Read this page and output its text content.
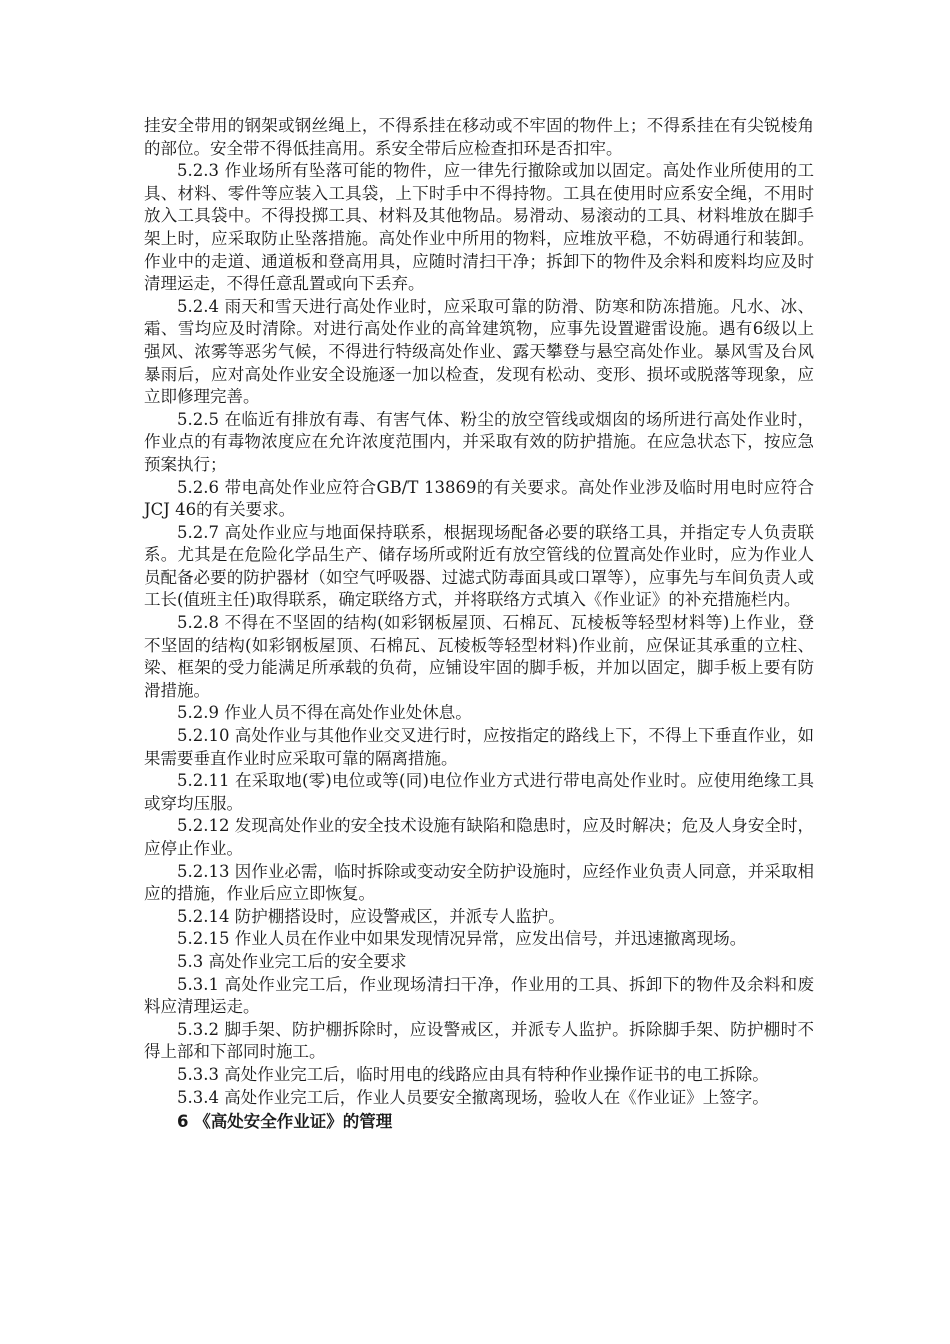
挂安全带用的钢架或钢丝绳上，不得系挂在移动或不牢固的物件上；不得系挂在有尖锐棱角的部位。安全带不得低挂高用。系安全带后应检查扣环是否扣牢。

5.2.3 作业场所有坠落可能的物件，应一律先行撤除或加以固定。高处作业所使用的工具、材料、零件等应装入工具袋，上下时手中不得持物。工具在使用时应系安全绳，不用时放入工具袋中。不得投掷工具、材料及其他物品。易滑动、易滚动的工具、材料堆放在脚手架上时，应采取防止坠落措施。高处作业中所用的物料，应堆放平稳，不妨碍通行和装卸。作业中的走道、通道板和登高用具，应随时清扫干净；拆卸下的物件及余料和废料均应及时清理运走，不得任意乱置或向下丢弃。

5.2.4 雨天和雪天进行高处作业时，应采取可靠的防滑、防寒和防冻措施。凡水、冰、霜、雪均应及时清除。对进行高处作业的高耸建筑物，应事先设置避雷设施。遇有6级以上强风、浓雾等恶劣气候，不得进行特级高处作业、露天攀登与悬空高处作业。暴风雪及台风暴雨后，应对高处作业安全设施逐一加以检查，发现有松动、变形、损坏或脱落等现象，应立即修理完善。

5.2.5 在临近有排放有毒、有害气体、粉尘的放空管线或烟囱的场所进行高处作业时，作业点的有毒物浓度应在允许浓度范围内，并采取有效的防护措施。在应急状态下，按应急预案执行；

5.2.6 带电高处作业应符合GB/T 13869的有关要求。高处作业涉及临时用电时应符合JCJ 46的有关要求。

5.2.7 高处作业应与地面保持联系，根据现场配备必要的联络工具，并指定专人负责联系。尤其是在危险化学品生产、储存场所或附近有放空管线的位置高处作业时，应为作业人员配备必要的防护器材（如空气呼吸器、过滤式防毒面具或口罩等），应事先与车间负责人或工长(值班主任)取得联系，确定联络方式，并将联络方式填入《作业证》的补充措施栏内。

5.2.8 不得在不坚固的结构(如彩钢板屋顶、石棉瓦、瓦棱板等轻型材料等)上作业，登不坚固的结构(如彩钢板屋顶、石棉瓦、瓦棱板等轻型材料)作业前，应保证其承重的立柱、梁、框架的受力能满足所承载的负荷，应铺设牢固的脚手板，并加以固定，脚手板上要有防滑措施。

5.2.9 作业人员不得在高处作业处休息。

5.2.10 高处作业与其他作业交叉进行时，应按指定的路线上下，不得上下垂直作业，如果需要垂直作业时应采取可靠的隔离措施。

5.2.11 在采取地(零)电位或等(同)电位作业方式进行带电高处作业时。应使用绝缘工具或穿均压服。

5.2.12 发现高处作业的安全技术设施有缺陷和隐患时，应及时解决；危及人身安全时，应停止作业。

5.2.13 因作业必需，临时拆除或变动安全防护设施时，应经作业负责人同意，并采取相应的措施，作业后应立即恢复。

5.2.14 防护棚搭设时，应设警戒区，并派专人监护。

5.2.15 作业人员在作业中如果发现情况异常，应发出信号，并迅速撤离现场。

5.3 高处作业完工后的安全要求

5.3.1 高处作业完工后，作业现场清扫干净，作业用的工具、拆卸下的物件及余料和废料应清理运走。

5.3.2 脚手架、防护棚拆除时，应设警戒区，并派专人监护。拆除脚手架、防护棚时不得上部和下部同时施工。

5.3.3 高处作业完工后，临时用电的线路应由具有特种作业操作证书的电工拆除。

5.3.4 高处作业完工后，作业人员要安全撤离现场，验收人在《作业证》上签字。

6 《高处安全作业证》的管理
